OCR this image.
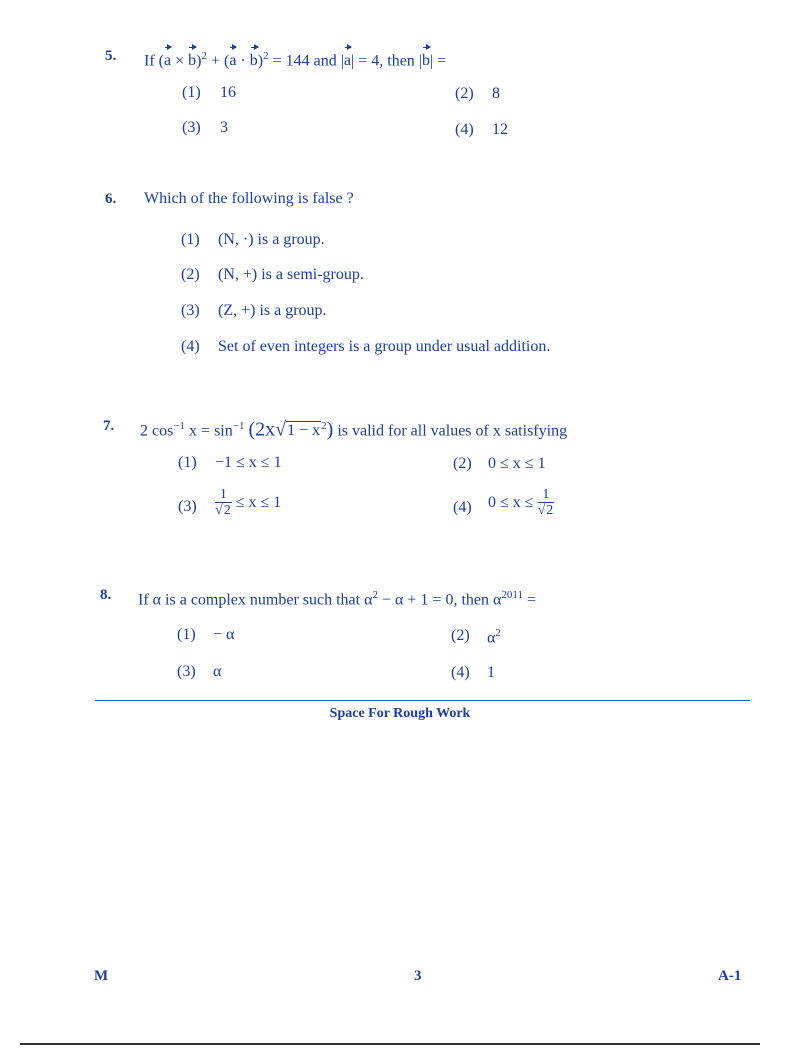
5. If $(a \times b)^2 + (a \cdot b)^2 = 144$ and |a| = 4, then |b| =
(1) 16	(2) 8
(3) 3	(4) 12
6. Which of the following is false ?
(1) (N, ·) is a group.
(2) (N, +) is a semi-group.
(3) (Z, +) is a group.
(4) Set of even integers is a group under usual addition.
7. 2 $\cos^{-1} x = \sin^{-1} (2x√1 - x^2)$ is valid for all values of x satisfying
(1) −1 ≤ x ≤ 1	(2) 0 ≤ x ≤ 1
$(3) \frac{1}{√2} \le x \le 1$	(4) $0 \le x \le \frac{1}{√2}$
8. If α is a complex number such that $\alpha^2 - \alpha + 1 = 0$, then $\alpha^{2011}$ =
(1) − α	(2) $\alpha^2$
(3) α	(4) 1
Space For Rough Work
M	3	A-1
